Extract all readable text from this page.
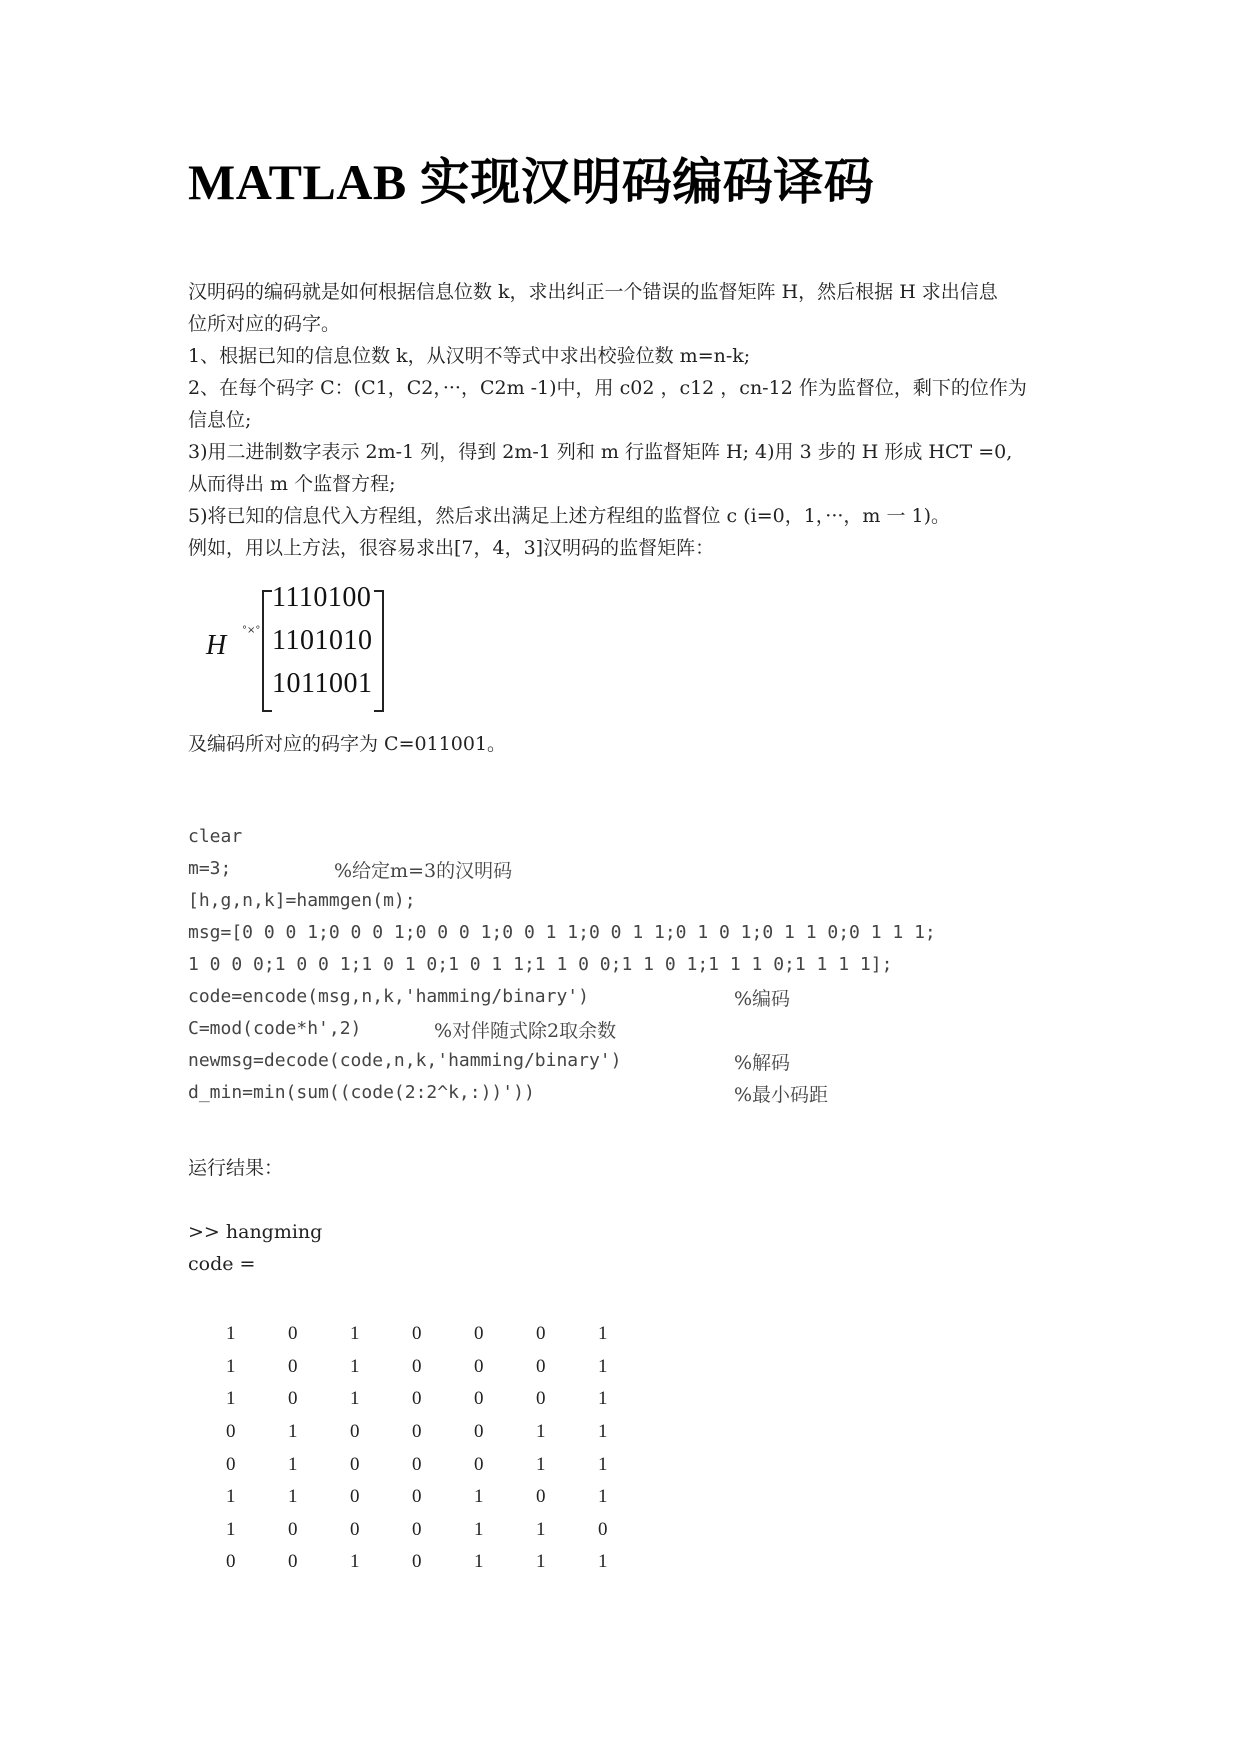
MATLAB 实现汉明码编码译码

汉明码的编码就是如何根据信息位数 k，求出纠正一个错误的监督矩阵 H，然后根据 H 求出信息

位所对应的码字。

1、根据已知的信息位数 k，从汉明不等式中求出校验位数 m=n-k;

2、在每个码字 C：(C1，C2，···，C2m -1)中，用 c02 ，c12 ，cn-12 作为监督位，剩下的位作为

信息位;

3)用二进制数字表示 2m-1 列，得到 2m-1 列和 m 行监督矩阵 H; 4)用 3 步的 H 形成 HCT =0,

从而得出 m 个监督方程;

5)将已知的信息代入方程组，然后求出满足上述方程组的监督位 c (i=0，1，···，m 一 1)。

例如，用以上方法，很容易求出[7，4，3]汉明码的监督矩阵：

H °×°
1110100
1101010
1011001

及编码所对应的码字为 C=011001。

clear

m=3;	%给定m=3的汉明码

[h,g,n,k]=hammgen(m);

msg=[0 0 0 1;0 0 0 1;0 0 0 1;0 0 1 1;0 0 1 1;0 1 0 1;0 1 1 0;0 1 1 1;

1 0 0 0;1 0 0 1;1 0 1 0;1 0 1 1;1 1 0 0;1 1 0 1;1 1 1 0;1 1 1 1];

code=encode(msg,n,k,'hamming/binary')	%编码

C=mod(code*h',2)	%对伴随式除2取余数

newmsg=decode(code,n,k,'hamming/binary')	%解码

d_min=min(sum((code(2:2^k,:))'))	%最小码距

运行结果：

>> hangming

code =

1	0	1	0	0	0	1
1	0	1	0	0	0	1
1	0	1	0	0	0	1
0	1	0	0	0	1	1
0	1	0	0	0	1	1
1	1	0	0	1	0	1
1	0	0	0	1	1	0
0	0	1	0	1	1	1
